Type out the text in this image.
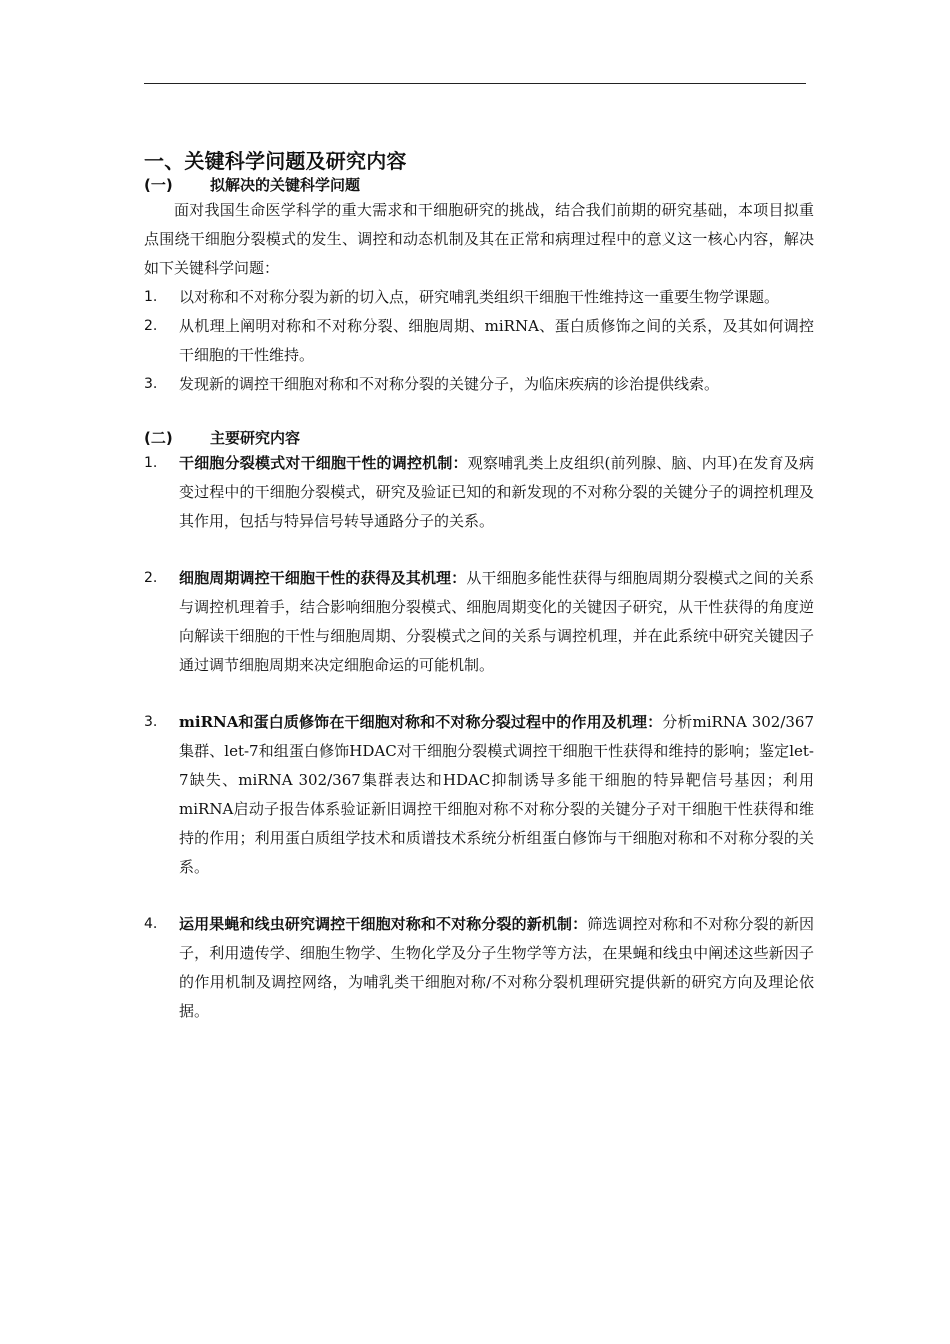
一、关键科学问题及研究内容
(一) 拟解决的关键科学问题

面对我国生命医学科学的重大需求和干细胞研究的挑战，结合我们前期的研究基础，本项目拟重点围绕干细胞分裂模式的发生、调控和动态机制及其在正常和病理过程中的意义这一核心内容，解决如下关键科学问题：

1. 以对称和不对称分裂为新的切入点，研究哺乳类组织干细胞干性维持这一重要生物学课题。
2. 从机理上阐明对称和不对称分裂、细胞周期、miRNA、蛋白质修饰之间的关系，及其如何调控干细胞的干性维持。
3. 发现新的调控干细胞对称和不对称分裂的关键分子，为临床疾病的诊治提供线索。
(二) 主要研究内容
1. 干细胞分裂模式对干细胞干性的调控机制：观察哺乳类上皮组织(前列腺、脑、内耳)在发育及病变过程中的干细胞分裂模式，研究及验证已知的和新发现的不对称分裂的关键分子的调控机理及其作用，包括与特异信号转导通路分子的关系。
2. 细胞周期调控干细胞干性的获得及其机理：从干细胞多能性获得与细胞周期分裂模式之间的关系与调控机理着手，结合影响细胞分裂模式、细胞周期变化的关键因子研究，从干性获得的角度逆向解读干细胞的干性与细胞周期、分裂模式之间的关系与调控机理，并在此系统中研究关键因子通过调节细胞周期来决定细胞命运的可能机制。
3. miRNA和蛋白质修饰在干细胞对称和不对称分裂过程中的作用及机理：分析miRNA 302/367集群、let-7和组蛋白修饰HDAC对干细胞分裂模式调控干细胞干性获得和维持的影响；鉴定let-7缺失、miRNA 302/367集群表达和HDAC抑制诱导多能干细胞的特异靶信号基因；利用miRNA启动子报告体系验证新旧调控干细胞对称不对称分裂的关键分子对干细胞干性获得和维持的作用；利用蛋白质组学技术和质谱技术系统分析组蛋白修饰与干细胞对称和不对称分裂的关系。
4. 运用果蝇和线虫研究调控干细胞对称和不对称分裂的新机制：筛选调控对称和不对称分裂的新因子，利用遗传学、细胞生物学、生物化学及分子生物学等方法，在果蝇和线虫中阐述这些新因子的作用机制及调控网络，为哺乳类干细胞对称/不对称分裂机理研究提供新的研究方向及理论依据。
